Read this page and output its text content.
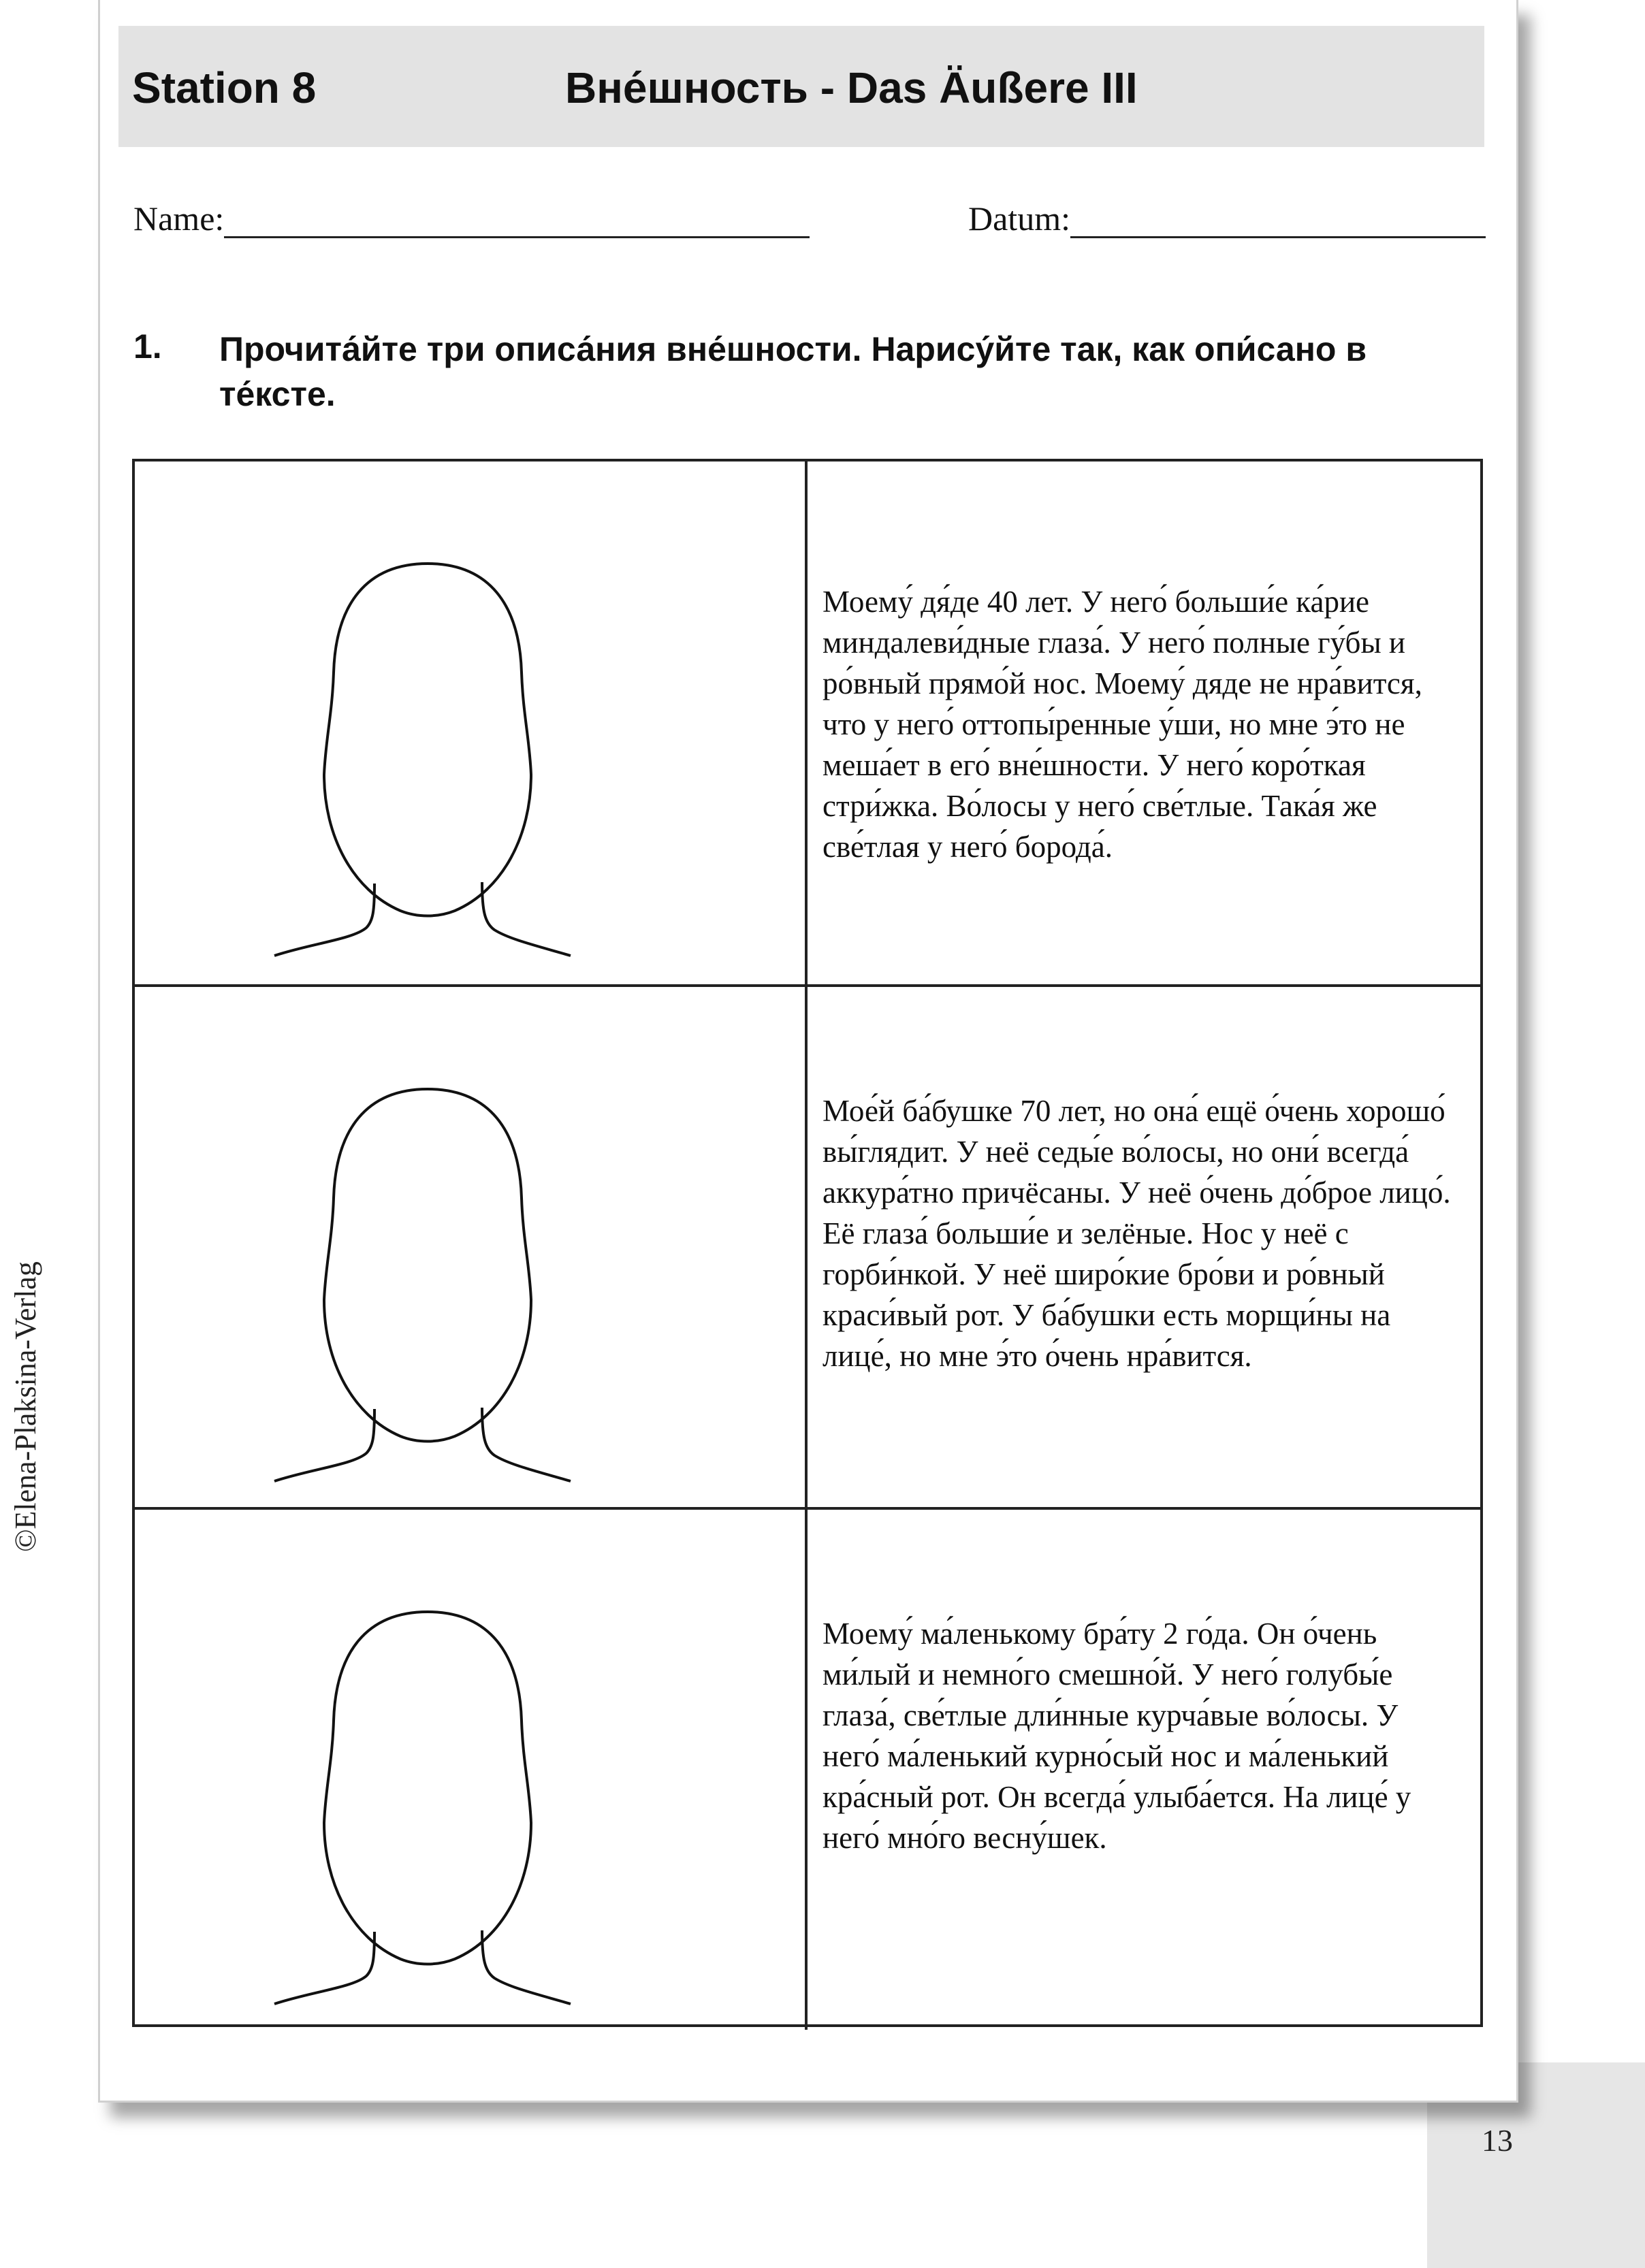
13
Station 8	Вне́шность - Das Äußere III
Name:	Datum:
1. Прочита́йте три описа́ния вне́шности. Нарису́йте так, как опи́сано в те́ксте.
Моему́ дя́де 40 лет. У него́ больши́е ка́рие миндалеви́дные глаза́. У него́ полные гу́бы и ро́вный прямо́й нос. Моему́ дяде не нра́вится, что у него́ оттопы́ренные у́ши, но мне э́то не меша́ет в его́ вне́шности. У него́ коро́ткая стри́жка. Во́лосы у него́ све́тлые. Така́я же све́тлая у него́ борода́.
Мое́й ба́бушке 70 лет, но она́ ещё о́чень хорошо́ вы́глядит. У неё седы́е во́лосы, но они́ всегда́ аккура́тно причёсаны. У неё о́чень до́брое лицо́. Её глаза́ больши́е и зелёные. Нос у неё с горби́нкой. У неё широ́кие бро́ви и ро́вный краси́вый рот. У ба́бушки есть морщи́ны на лице́, но мне э́то о́чень нра́вится.
Моему́ ма́ленькому бра́ту 2 го́да. Он о́чень ми́лый и немно́го смешно́й. У него́ голубы́е глаза́, све́тлые дли́нные курча́вые во́лосы. У него́ ма́ленький курно́сый нос и ма́ленький кра́сный рот. Он всегда́ улыба́ется. На лице́ у него́ мно́го весну́шек.
©Elena-Plaksina-Verlag
